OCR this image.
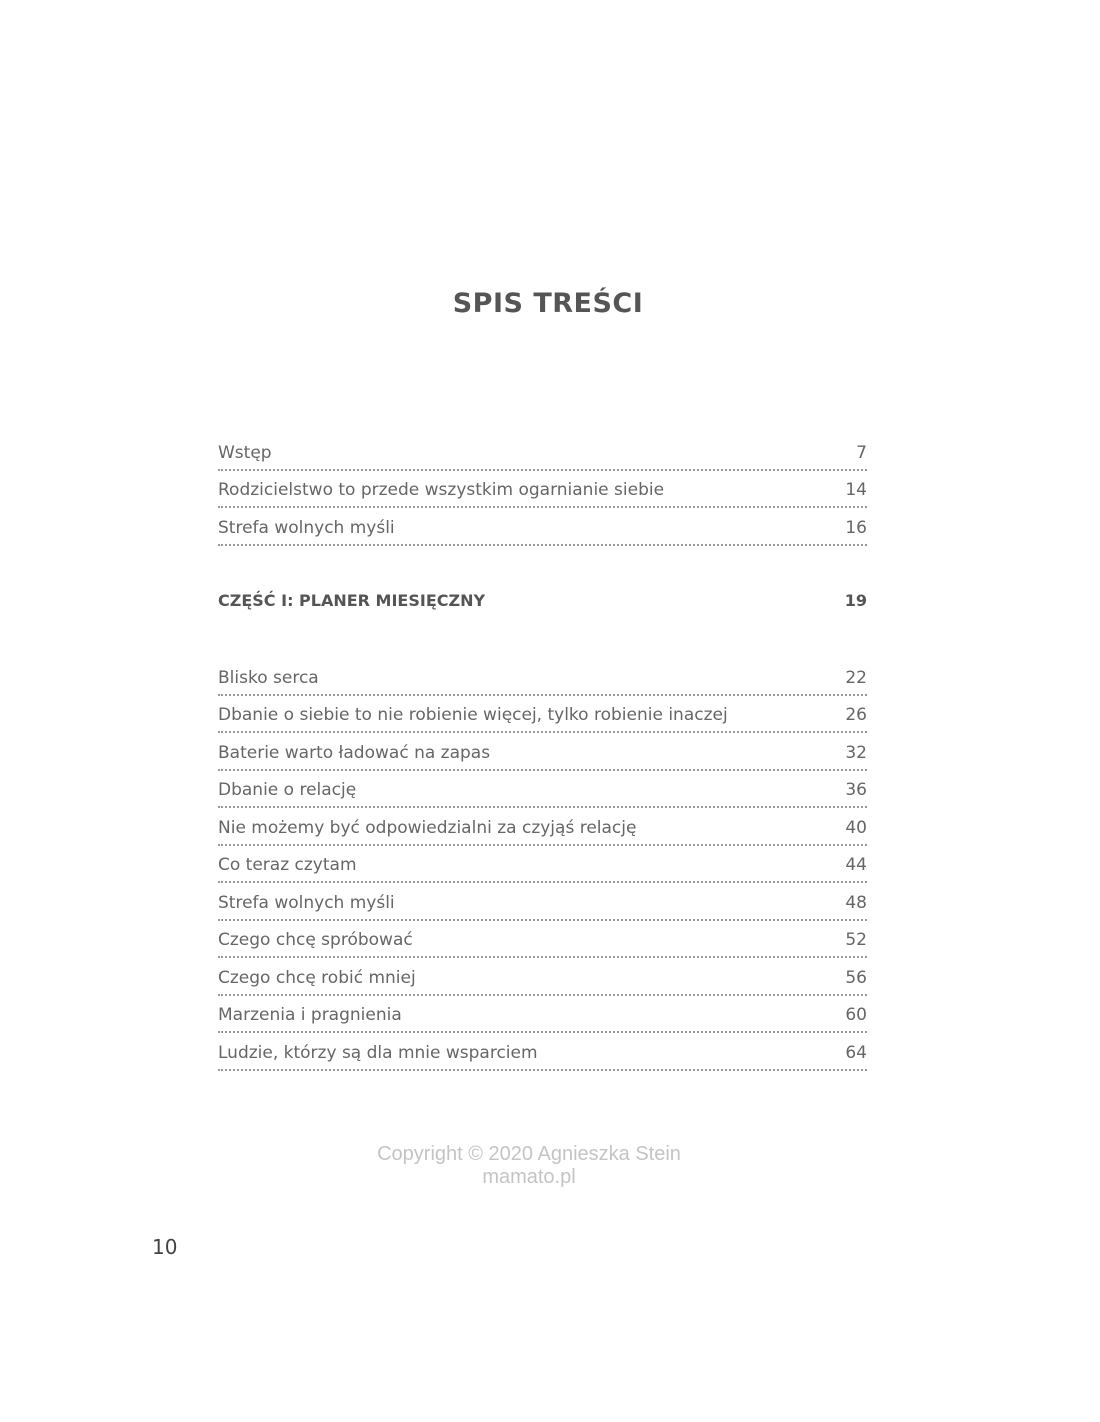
SPIS TREŚCI
Wstęp	7
Rodzicielstwo to przede wszystkim ogarnianie siebie	14
Strefa wolnych myśli	16
CZĘŚĆ I: PLANER MIESIĘCZNY	19
Blisko serca	22
Dbanie o siebie to nie robienie więcej, tylko robienie inaczej	26
Baterie warto ładować na zapas	32
Dbanie o relację	36
Nie możemy być odpowiedzialni za czyjąś relację	40
Co teraz czytam	44
Strefa wolnych myśli	48
Czego chcę spróbować	52
Czego chcę robić mniej	56
Marzenia i pragnienia	60
Ludzie, którzy są dla mnie wsparciem	64
Copyright © 2020 Agnieszka Stein
mamato.pl
10
